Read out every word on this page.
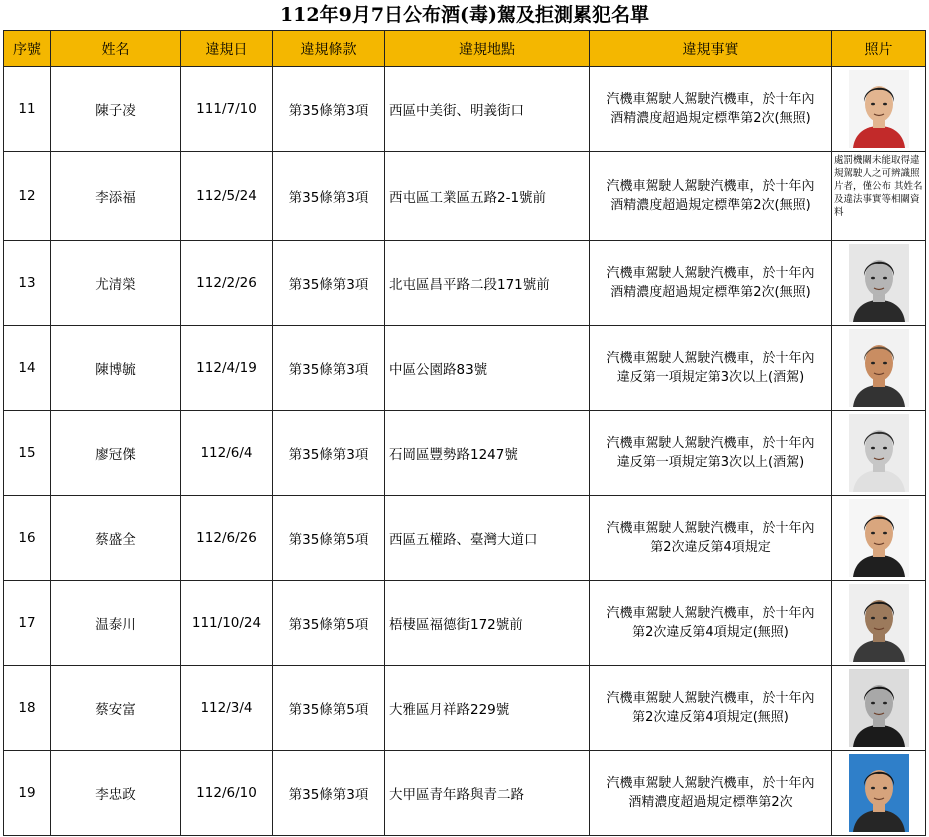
112年9月7日公布酒(毒)駕及拒測累犯名單
序號	姓名	違規日	違規條款	違規地點	違規事實	照片
11	陳子凌	111/7/10	第35條第3項	西區中美街、明義街口	汽機車駕駛人駕駛汽機車，於十年內
酒精濃度超過規定標準第2次(無照)

12	李添福	112/5/24	第35條第3項	西屯區工業區五路2-1號前	汽機車駕駛人駕駛汽機車，於十年內
酒精濃度超過規定標準第2次(無照)	處罰機關未能取得違規駕駛人之可辨識照片者，僅公布 其姓名及違法事實等相關資料
13	尤清榮	112/2/26	第35條第3項	北屯區昌平路二段171號前	汽機車駕駛人駕駛汽機車，於十年內
酒精濃度超過規定標準第2次(無照)

14	陳博毓	112/4/19	第35條第3項	中區公園路83號	汽機車駕駛人駕駛汽機車，於十年內
違反第一項規定第3次以上(酒駕)

15	廖冠傑	112/6/4	第35條第3項	石岡區豐勢路1247號	汽機車駕駛人駕駛汽機車，於十年內
違反第一項規定第3次以上(酒駕)

16	蔡盛全	112/6/26	第35條第5項	西區五權路、臺灣大道口	汽機車駕駛人駕駛汽機車，於十年內
第2次違反第4項規定

17	温泰川	111/10/24	第35條第5項	梧棲區福德街172號前	汽機車駕駛人駕駛汽機車，於十年內
第2次違反第4項規定(無照)

18	蔡安富	112/3/4	第35條第5項	大雅區月祥路229號	汽機車駕駛人駕駛汽機車，於十年內
第2次違反第4項規定(無照)

19	李忠政	112/6/10	第35條第3項	大甲區青年路與青二路	汽機車駕駛人駕駛汽機車，於十年內
酒精濃度超過規定標準第2次
